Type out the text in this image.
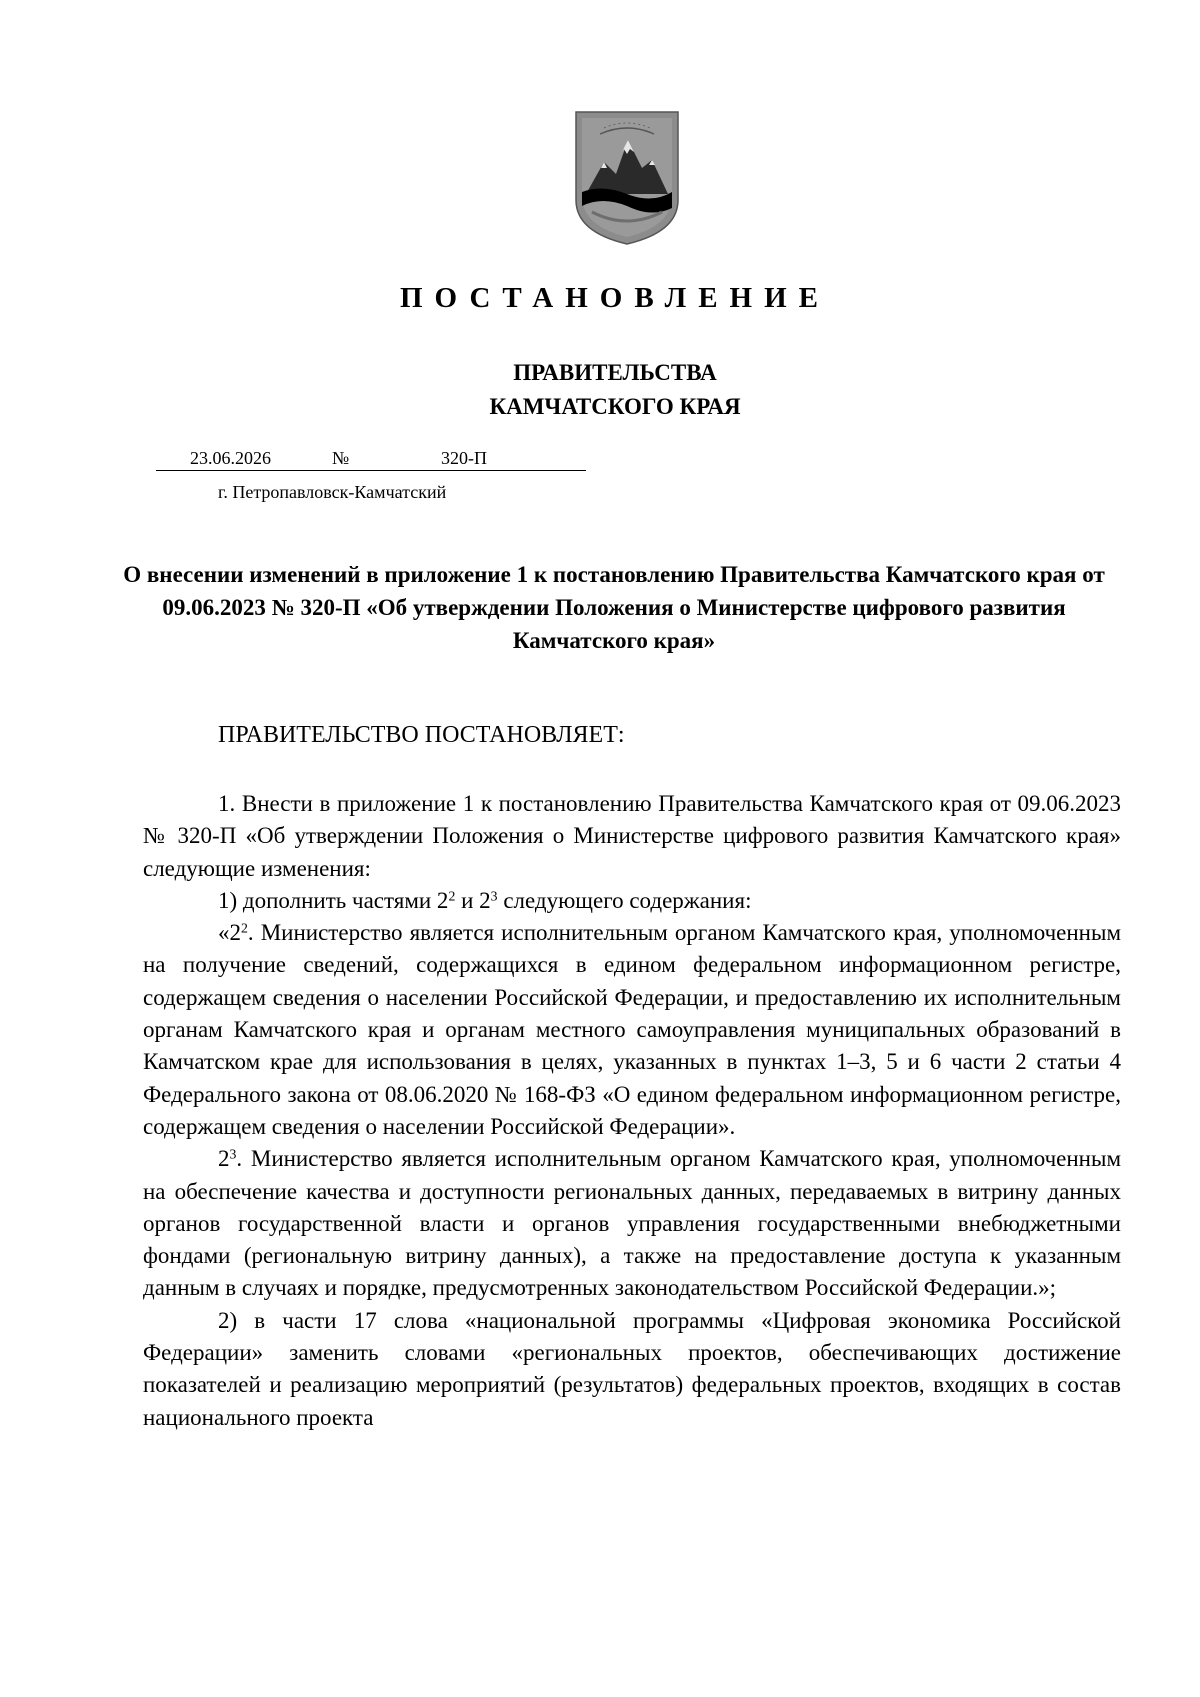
ПОСТАНОВЛЕНИЕ
ПРАВИТЕЛЬСТВА
КАМЧАТСКОГО КРАЯ
23.06.2026	№	320-П
г. Петропавловск-Камчатский
О внесении изменений в приложение 1 к постановлению Правительства Камчатского края от 09.06.2023 № 320-П «Об утверждении Положения о Министерстве цифрового развития Камчатского края»
ПРАВИТЕЛЬСТВО ПОСТАНОВЛЯЕТ:

1. Внести в приложение 1 к постановлению Правительства Камчатского края от 09.06.2023 № 320-П «Об утверждении Положения о Министерстве цифрового развития Камчатского края» следующие изменения:

1) дополнить частями $2^2$ и $2^3$ следующего содержания:

«$2^2$. Министерство является исполнительным органом Камчатского края, уполномоченным на получение сведений, содержащихся в едином федеральном информационном регистре, содержащем сведения о населении Российской Федерации, и предоставлению их исполнительным органам Камчатского края и органам местного самоуправления муниципальных образований в Камчатском крае для использования в целях, указанных в пунктах 1–3, 5 и 6 части 2 статьи 4 Федерального закона от 08.06.2020 № 168-ФЗ «О едином федеральном информационном регистре, содержащем сведения о населении Российской Федерации».

$2^3$. Министерство является исполнительным органом Камчатского края, уполномоченным на обеспечение качества и доступности региональных данных, передаваемых в витрину данных органов государственной власти и органов управления государственными внебюджетными фондами (региональную витрину данных), а также на предоставление доступа к указанным данным в случаях и порядке, предусмотренных законодательством Российской Федерации.»;

2) в части 17 слова «национальной программы «Цифровая экономика Российской Федерации» заменить словами «региональных проектов, обеспечивающих достижение показателей и реализацию мероприятий (результатов) федеральных проектов, входящих в состав национального проекта
